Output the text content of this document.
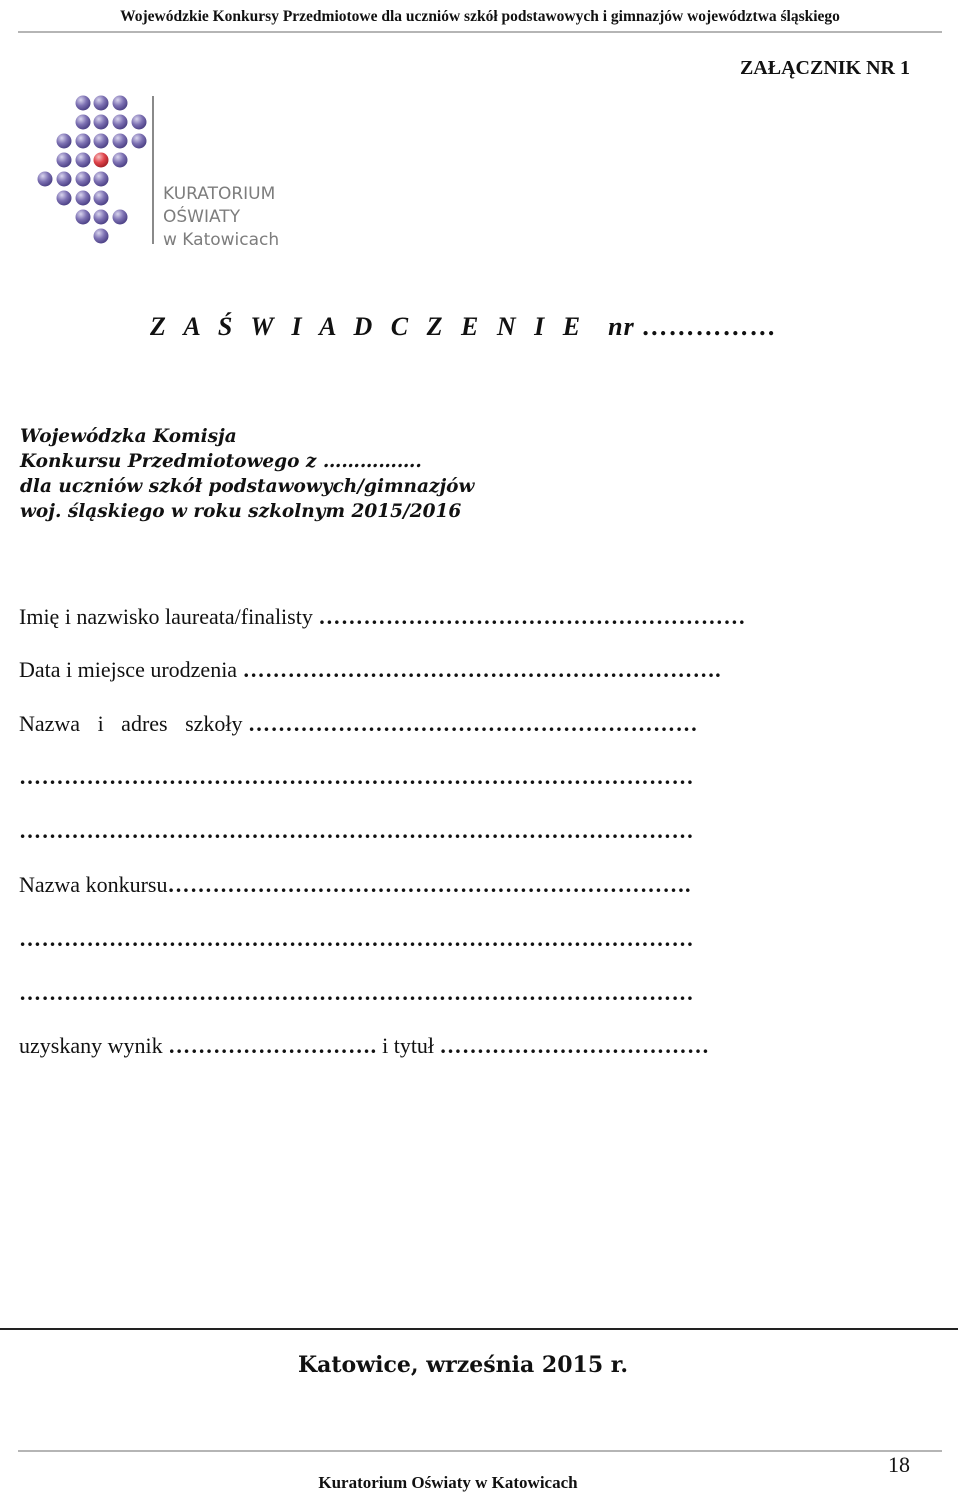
Wojewódzkie Konkursy Przedmiotowe dla uczniów szkół podstawowych i gimnazjów województwa śląskiego
ZAŁĄCZNIK NR 1
KURATORIUM
OŚWIATY
w Katowicach
Z A Ś W I A D C Z E N I E nr ……………
Wojewódzka Komisja
Konkursu Przedmiotowego z …………….
dla uczniów szkół podstawowych/gimnazjów
woj. śląskiego w roku szkolnym 2015/2016
Imię i nazwisko laureata/finalisty …………………………………………………
Data i miejsce urodzenia ……………………………………………………….
Nazwa i adres szkoły ……………………………………………………
………………………………………………………………………………
………………………………………………………………………………
Nazwa konkursu…………………………………………………………….
………………………………………………………………………………
………………………………………………………………………………
uzyskany wynik ………………………. i tytuł ………………………………
Katowice, września 2015 r.
18
Kuratorium Oświaty w Katowicach
